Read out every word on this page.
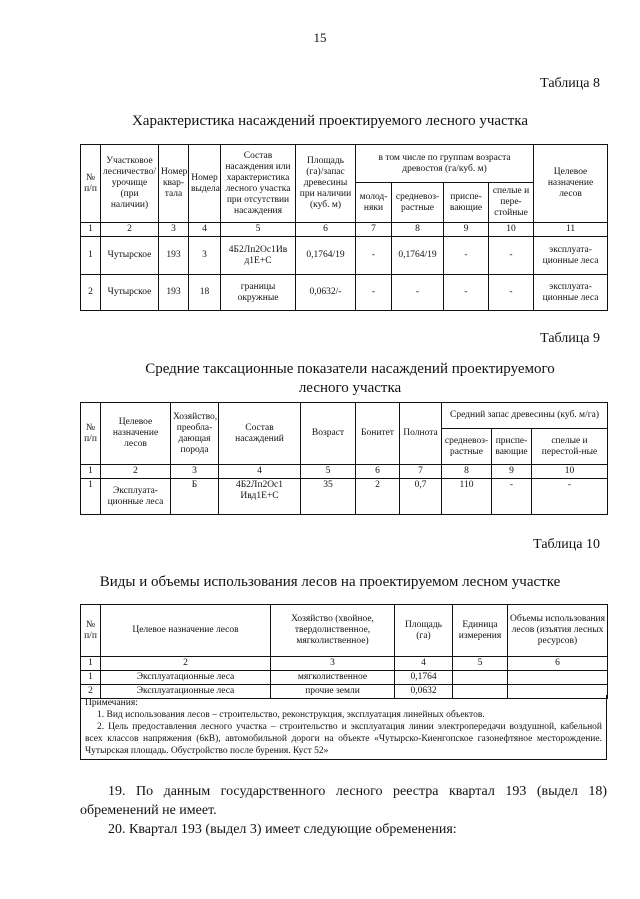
15
Таблица 8
Характеристика насаждений проектируемого лесного участка
№ п/п	Участковое лесничество/ урочище (при наличии)	Номер квар-тала	Номер выдела	Состав насаждения или характеристика лесного участка при отсутствии насаждения	Площадь (га)/запас древесины при наличии (куб. м)	в том числе по группам возраста древостоя (га/куб. м)				Целевое назначение лесов
						молод-няки	средневоз-растные	приспе-вающие	спелые и пере-стойные	
1	2	3	4	5	6	7	8	9	10	11
1	Чутырское	193	3	4Б2Лп2Ос1Ив д1Е+С	0,1764/19	-	0,1764/19	-	-	эксплуата-ционные леса
2	Чутырское	193	18	границы окружные	0,0632/-	-	-	-	-	эксплуата-ционные леса
Таблица 9
Средние таксационные показатели насаждений проектируемого лесного участка
№ п/п	Целевое назначение лесов	Хозяйство, преобла-дающая порода	Состав насаждений	Возраст	Бонитет	Полнота	Средний запас древесины (куб. м/га)		
							средневоз-растные	приспе-вающие	спелые и перестой-ные
1	2	3	4	5	6	7	8	9	10
1	Эксплуата-ционные леса	Б	4Б2Лп2Ос1 Ивд1Е+С	35	2	0,7	110	-	-
Таблица 10
Виды и объемы использования лесов на проектируемом лесном участке
№ п/п	Целевое назначение лесов	Хозяйство (хвойное, твердолиственное, мягколиственное)	Площадь (га)	Единица измерения	Объемы использования лесов (изъятия лесных ресурсов)
1	2	3	4	5	6
1	Эксплуатационные леса	мягколиственное	0,1764		
2	Эксплуатационные леса	прочие земли	0,0632		

Примечания:

1. Вид использования лесов – строительство, реконструкция, эксплуатация линейных объектов.

2. Цель предоставления лесного участка – строительство и эксплуатация линии электропередачи воздушной, кабельной всех классов напряжения (6кВ), автомобильной дороги на объекте «Чутырско-Киенгопское газонефтяное месторождение. Чутырская площадь. Обустройство после бурения. Куст 52»

19. По данным государственного лесного реестра квартал 193 (выдел 18) обременений не имеет.

20. Квартал 193 (выдел 3) имеет следующие обременения:
